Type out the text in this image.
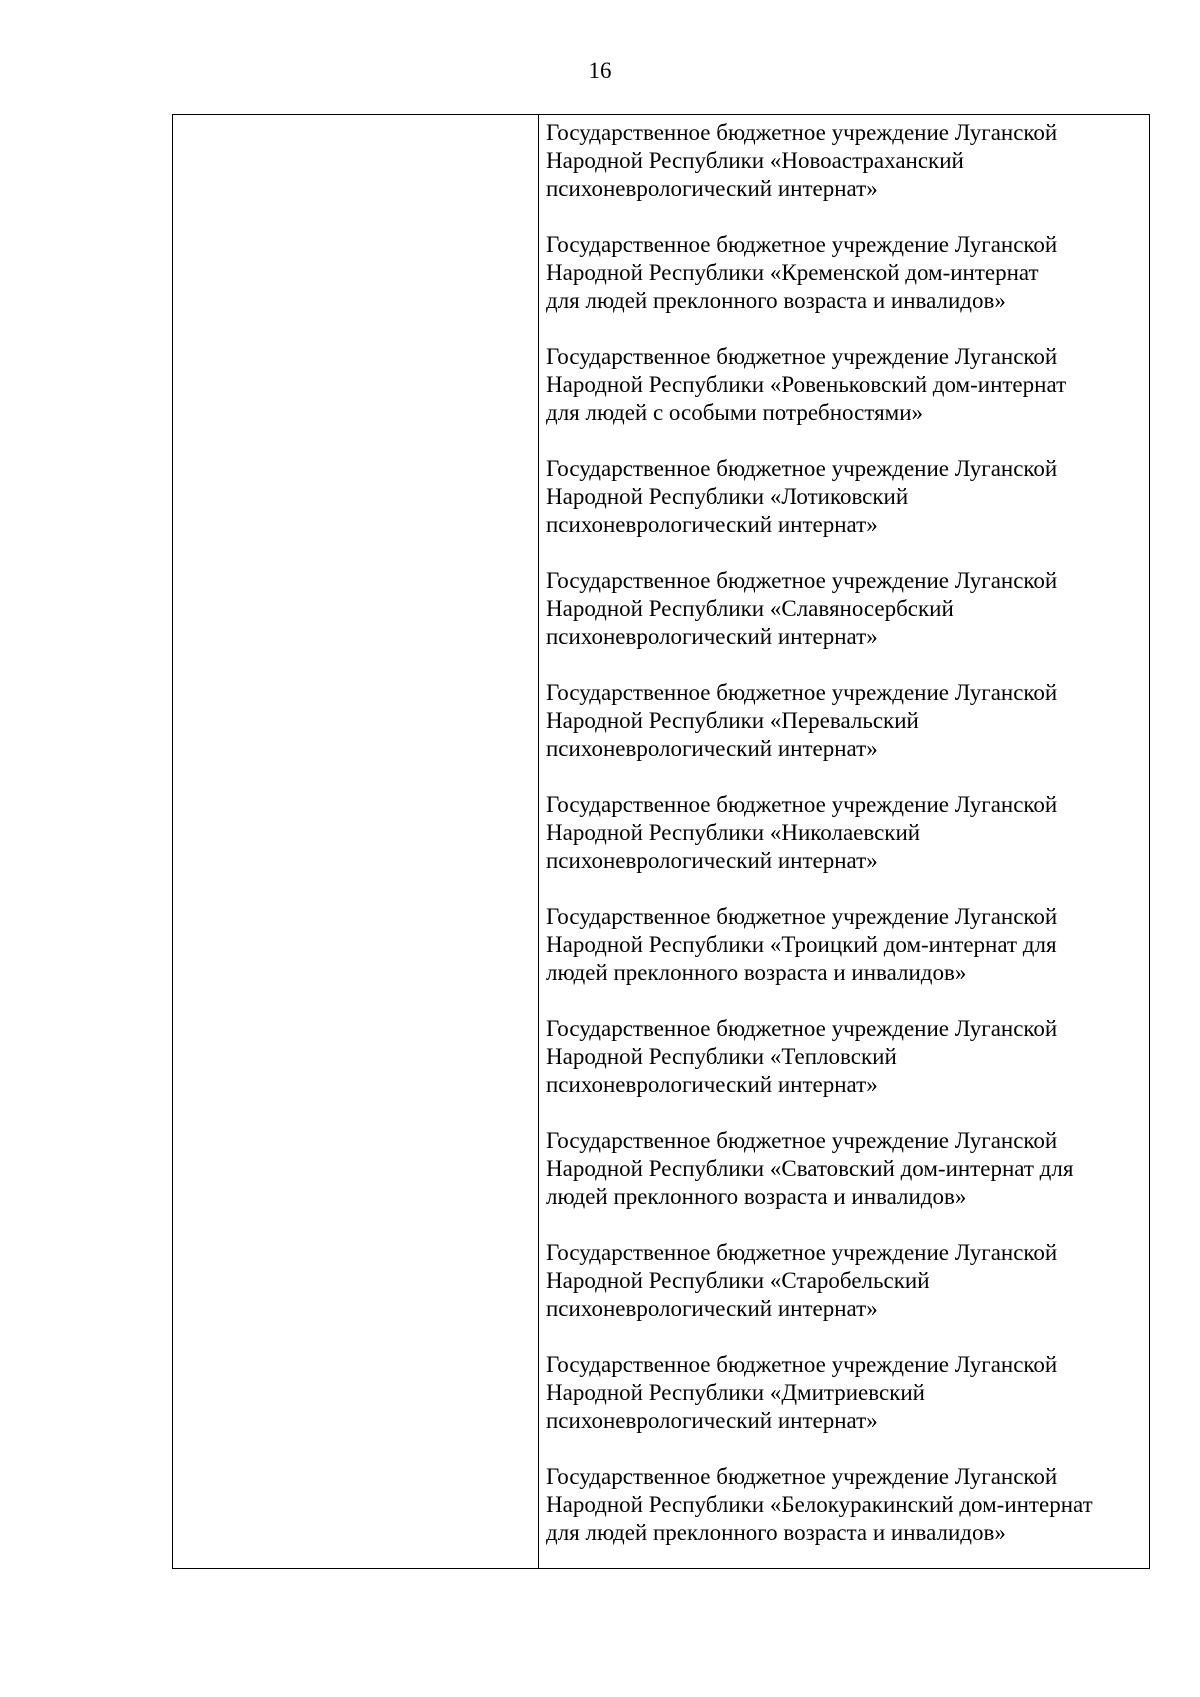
16

Государственное бюджетное учреждение Луганской
Народной Республики «Новоастраханский
психоневрологический интернат»

Государственное бюджетное учреждение Луганской
Народной Республики «Кременской дом-интернат
для людей преклонного возраста и инвалидов»

Государственное бюджетное учреждение Луганской
Народной Республики «Ровеньковский дом-интернат
для людей с особыми потребностями»

Государственное бюджетное учреждение Луганской
Народной Республики «Лотиковский
психоневрологический интернат»

Государственное бюджетное учреждение Луганской
Народной Республики «Славяносербский
психоневрологический интернат»

Государственное бюджетное учреждение Луганской
Народной Республики «Перевальский
психоневрологический интернат»

Государственное бюджетное учреждение Луганской
Народной Республики «Николаевский
психоневрологический интернат»

Государственное бюджетное учреждение Луганской
Народной Республики «Троицкий дом-интернат для
людей преклонного возраста и инвалидов»

Государственное бюджетное учреждение Луганской
Народной Республики «Тепловский
психоневрологический интернат»

Государственное бюджетное учреждение Луганской
Народной Республики «Сватовский дом-интернат для
людей преклонного возраста и инвалидов»

Государственное бюджетное учреждение Луганской
Народной Республики «Старобельский
психоневрологический интернат»

Государственное бюджетное учреждение Луганской
Народной Республики «Дмитриевский
психоневрологический интернат»

Государственное бюджетное учреждение Луганской
Народной Республики «Белокуракинский дом-интернат
для людей преклонного возраста и инвалидов»
